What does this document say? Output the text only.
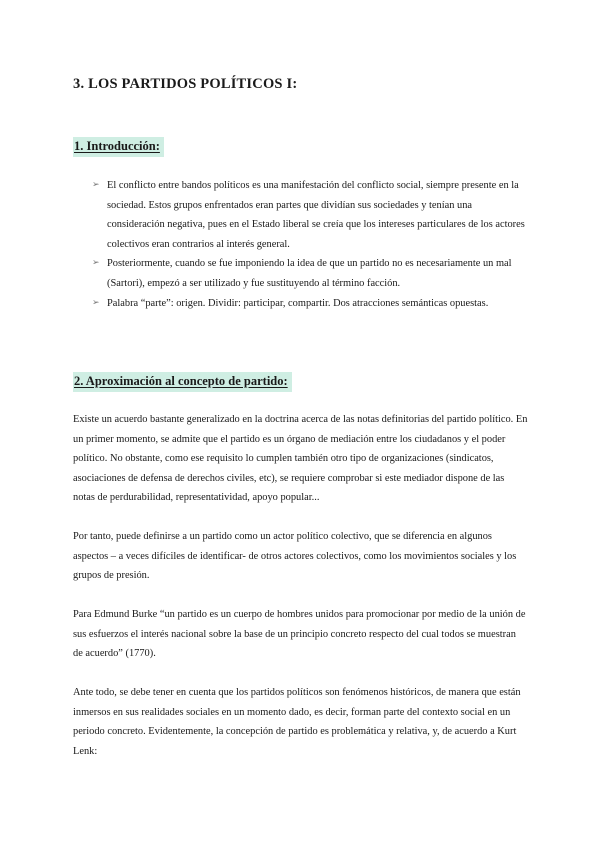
3. LOS PARTIDOS POLÍTICOS I:
1. Introducción:
➢ El conflicto entre bandos políticos es una manifestación del conflicto social, siempre presente en la sociedad. Estos grupos enfrentados eran partes que dividían sus sociedades y tenían una consideración negativa, pues en el Estado liberal se creía que los intereses particulares de los actores colectivos eran contrarios al interés general.
➢ Posteriormente, cuando se fue imponiendo la idea de que un partido no es necesariamente un mal (Sartori), empezó a ser utilizado y fue sustituyendo al término facción.
➢ Palabra “parte”: origen. Dividir: participar, compartir. Dos atracciones semánticas opuestas.
2. Aproximación al concepto de partido:

Existe un acuerdo bastante generalizado en la doctrina acerca de las notas definitorias del partido político. En un primer momento, se admite que el partido es un órgano de mediación entre los ciudadanos y el poder político. No obstante, como ese requisito lo cumplen también otro tipo de organizaciones (sindicatos, asociaciones de defensa de derechos civiles, etc), se requiere comprobar si este mediador dispone de las notas de perdurabilidad, representatividad, apoyo popular...

Por tanto, puede definirse a un partido como un actor político colectivo, que se diferencia en algunos aspectos – a veces difíciles de identificar- de otros actores colectivos, como los movimientos sociales y los grupos de presión.

Para Edmund Burke “un partido es un cuerpo de hombres unidos para promocionar por medio de la unión de sus esfuerzos el interés nacional sobre la base de un principio concreto respecto del cual todos se muestran de acuerdo” (1770).

Ante todo, se debe tener en cuenta que los partidos políticos son fenómenos históricos, de manera que están inmersos en sus realidades sociales en un momento dado, es decir, forman parte del contexto social en un periodo concreto. Evidentemente, la concepción de partido es problemática y relativa, y, de acuerdo a Kurt Lenk:
